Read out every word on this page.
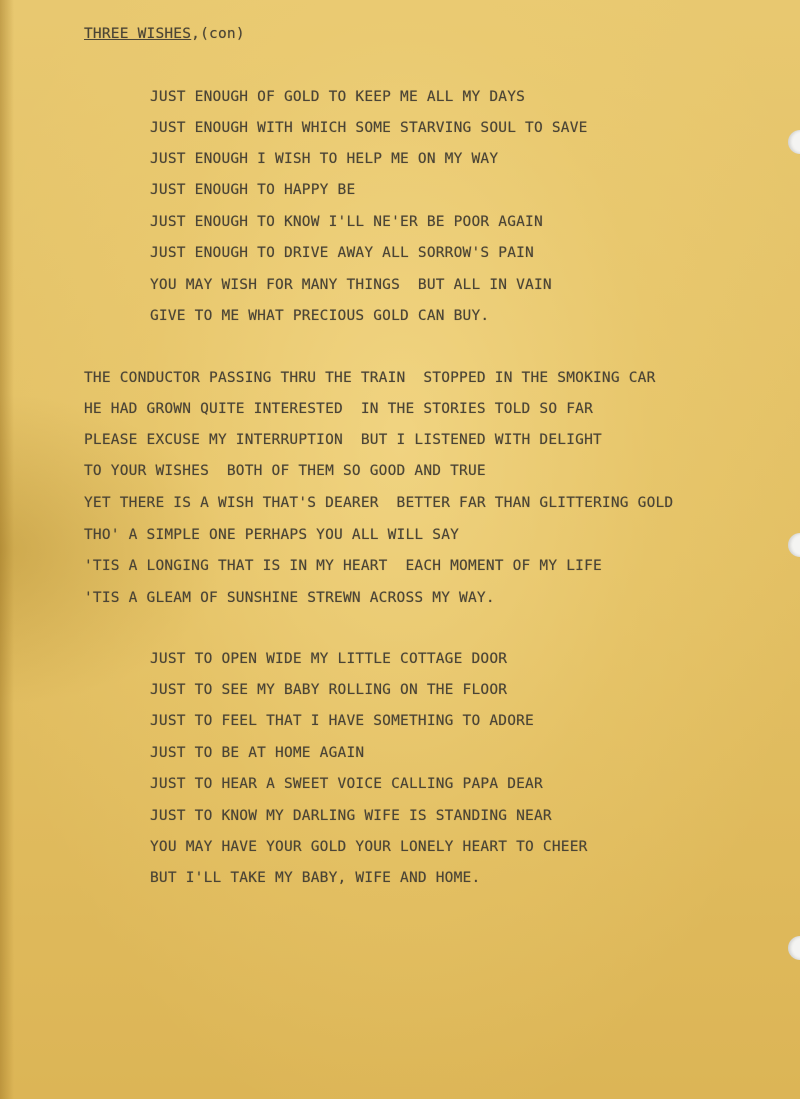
THREE WISHES,(con)

JUST ENOUGH OF GOLD TO KEEP ME ALL MY DAYS

JUST ENOUGH WITH WHICH SOME STARVING SOUL TO SAVE

JUST ENOUGH I WISH TO HELP ME ON MY WAY

JUST ENOUGH TO HAPPY BE

JUST ENOUGH TO KNOW I'LL NE'ER BE POOR AGAIN

JUST ENOUGH TO DRIVE AWAY ALL SORROW'S PAIN

YOU MAY WISH FOR MANY THINGS  BUT ALL IN VAIN

GIVE TO ME WHAT PRECIOUS GOLD CAN BUY.

THE CONDUCTOR PASSING THRU THE TRAIN  STOPPED IN THE SMOKING CAR

HE HAD GROWN QUITE INTERESTED  IN THE STORIES TOLD SO FAR

PLEASE EXCUSE MY INTERRUPTION  BUT I LISTENED WITH DELIGHT

TO YOUR WISHES  BOTH OF THEM SO GOOD AND TRUE

YET THERE IS A WISH THAT'S DEARER  BETTER FAR THAN GLITTERING GOLD

THO' A SIMPLE ONE PERHAPS YOU ALL WILL SAY

'TIS A LONGING THAT IS IN MY HEART  EACH MOMENT OF MY LIFE

'TIS A GLEAM OF SUNSHINE STREWN ACROSS MY WAY.

JUST TO OPEN WIDE MY LITTLE COTTAGE DOOR

JUST TO SEE MY BABY ROLLING ON THE FLOOR

JUST TO FEEL THAT I HAVE SOMETHING TO ADORE

JUST TO BE AT HOME AGAIN

JUST TO HEAR A SWEET VOICE CALLING PAPA DEAR

JUST TO KNOW MY DARLING WIFE IS STANDING NEAR

YOU MAY HAVE YOUR GOLD YOUR LONELY HEART TO CHEER

BUT I'LL TAKE MY BABY, WIFE AND HOME.
